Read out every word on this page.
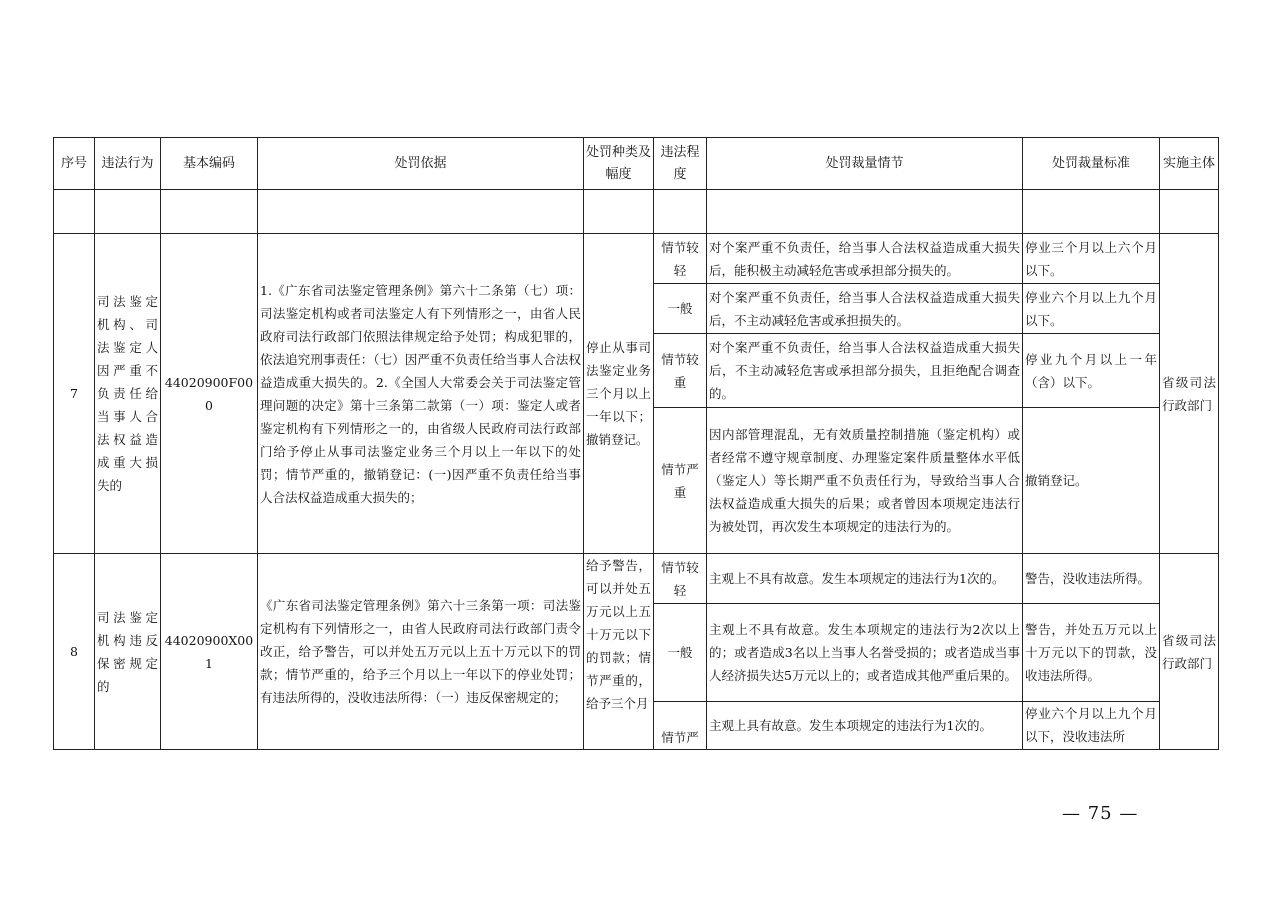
序号	违法行为	基本编码	处罚依据	处罚种类及幅度	违法程度	处罚裁量情节	处罚裁量标准	实施主体

7	司法鉴定机构、司法鉴定人因严重不负责任给当事人合法权益造成重大损失的	44020900F000	1.《广东省司法鉴定管理条例》第六十二条第（七）项：司法鉴定机构或者司法鉴定人有下列情形之一，由省人民政府司法行政部门依照法律规定给予处罚；构成犯罪的，依法追究刑事责任：（七）因严重不负责任给当事人合法权益造成重大损失的。2.《全国人大常委会关于司法鉴定管理问题的决定》第十三条第二款第（一）项：鉴定人或者鉴定机构有下列情形之一的，由省级人民政府司法行政部门给予停止从事司法鉴定业务三个月以上一年以下的处罚；情节严重的，撤销登记：(一)因严重不负责任给当事人合法权益造成重大损失的；	停止从事司法鉴定业务三个月以上一年以下；撤销登记。	情节较轻	对个案严重不负责任，给当事人合法权益造成重大损失后，能积极主动减轻危害或承担部分损失的。	停业三个月以上六个月以下。	省级司法行政部门
					一般	对个案严重不负责任，给当事人合法权益造成重大损失后，不主动减轻危害或承担损失的。	停业六个月以上九个月以下。	
					情节较重	对个案严重不负责任，给当事人合法权益造成重大损失后，不主动减轻危害或承担部分损失，且拒绝配合调查的。	停业九个月以上一年（含）以下。	
					情节严重	因内部管理混乱，无有效质量控制措施（鉴定机构）或者经常不遵守规章制度、办理鉴定案件质量整体水平低（鉴定人）等长期严重不负责任行为，导致给当事人合法权益造成重大损失的后果；或者曾因本项规定违法行为被处罚，再次发生本项规定的违法行为的。	撤销登记。	
8	司法鉴定机构违反保密规定的	44020900X001	《广东省司法鉴定管理条例》第六十三条第一项：司法鉴定机构有下列情形之一，由省人民政府司法行政部门责令改正，给予警告，可以并处五万元以上五十万元以下的罚款；情节严重的，给予三个月以上一年以下的停业处罚；有违法所得的，没收违法所得：（一）违反保密规定的；	给予警告，可以并处五万元以上五十万元以下的罚款；情节严重的，给予三个月	情节较轻	主观上不具有故意。发生本项规定的违法行为1次的。	警告，没收违法所得。	省级司法行政部门
					一般	主观上不具有故意。发生本项规定的违法行为2次以上的；或者造成3名以上当事人名誉受损的；或者造成当事人经济损失达5万元以上的；或者造成其他严重后果的。	警告，并处五万元以上十万元以下的罚款，没收违法所得。	
					情节严	主观上具有故意。发生本项规定的违法行为1次的。	停业六个月以上九个月以下，没收违法所	
— 75 —
